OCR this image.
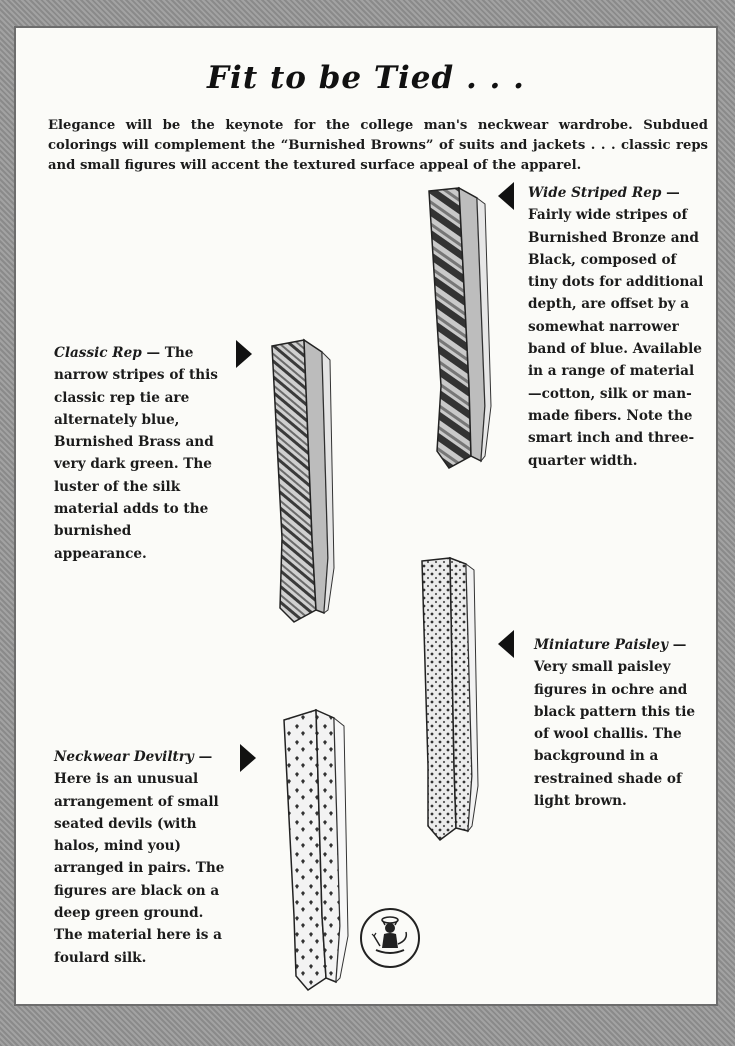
Fit to be Tied . . .

Elegance will be the keynote for the college man's neckwear wardrobe. Subdued colorings will complement the “Burnished Browns” of suits and jackets . . . classic reps and small figures will accent the textured surface appeal of the apparel.

Wide Striped Rep —Fairly wide stripes of Burnished Bronze and Black, composed of tiny dots for additional depth, are offset by a somewhat narrower band of blue. Available in a range of material—cotton, silk or man-made fibers. Note the smart inch and three-quarter width.

Classic Rep — The narrow stripes of this classic rep tie are alternately blue, Burnished Brass and very dark green. The luster of the silk material adds to the burnished appearance.

Miniature Paisley —Very small paisley figures in ochre and black pattern this tie of wool challis. The background in a restrained shade of light brown.

Neckwear Deviltry —Here is an unusual arrangement of small seated devils (with halos, mind you) arranged in pairs. The figures are black on a deep green ground. The material here is a foulard silk.
